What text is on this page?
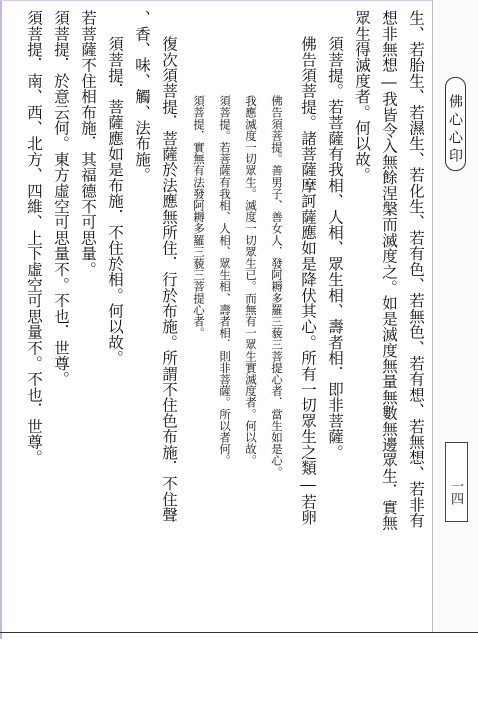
佛心心印
一四
生、若胎生、若濕生、若化生、若有色、若無色、若有想、若無想、若非有
想非無想―我皆令入無餘涅槃而滅度之。如是滅度無量無數無邊眾生．實無
眾生得滅度者。何以故。
須菩提。若菩薩有我相、人相、眾生相、壽者相．即非菩薩。
佛告須菩提。諸菩薩摩訶薩應如是降伏其心。所有一切眾生之類―若卵
佛告須菩提。善男子、善女人．發阿耨多羅三藐三菩提心者．當生如是心。
我應滅度一切眾生。滅度一切眾生已。而無有一眾生實滅度者。何以故。
須菩提。若菩薩有我相、人相、眾生相、壽者相．則非菩薩。所以者何。
須菩提．實無有法發阿耨多羅三藐三菩提心者。
復次須菩提．菩薩於法應無所住．行於布施。所謂不住色布施．不住聲
、香、味、觸、法布施。
須菩提．菩薩應如是布施．不住於相。何以故。
若菩薩不住相布施．其福德不可思量。
須菩提．於意云何。東方虛空可思量不。不也．世尊。
須菩提．南、西、北方、四維、上下虛空可思量不。不也．世尊。
